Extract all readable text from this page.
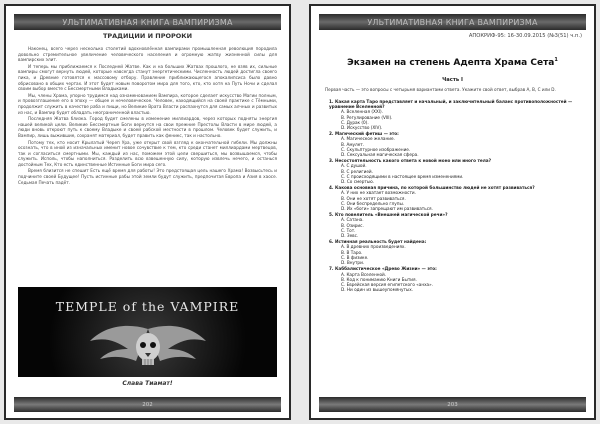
УЛЬТИМАТИВНАЯ КНИГА ВАМПИРИЗМА
ТРАДИЦИИ И ПРОРОКИ

Наконец, всего через несколько столетий вдохновлённая вампирами промышленная революция породила довольно стремительное увеличение человеческого населения и огромную жатву жизненной силы для вампирских элит.

И теперь мы приближаемся к Последней Жатве. Как и на больших Жатвах прошлого, не взяв их, сильные вампиры смогут вернуть людей, которые навсегда станут энергетическими. Численность людей достигла своего пика, и Древние готовятся к массовому отбору. Правление приближающегося апокалипсиса было давно обрисовано в общих чертах. И этот будет новым поворотом мира для того, кто, кто хотя на Путь Ночи и сделал своим выбор вместе с Бессмертными Владыками.

Мы, члены Храма, упорно трудимся над ознаменованием Вампира, которое сделает искусство Магии полным, и провозглашение его в эпоху — общее и нечеловеческое. Человек, находящийся на своей практике с Тёмными, продолжит служить в качестве раба и пищи, но Великие Врата Власти распахнутся для самых алчных и развитых из нас, и Вампир будет обладать неограниченной властью.

Последняя Жатва близка. Город будет смелены в изменение миллиардов, через которых подняты энергия нашей великой цели. Великие Бессмертные Боги вернутся на свои прежние Престолы Власти в мире людей, а люди вновь откроют путь к своему Владыке и своей рабской местности в прошлом. Человек будет служить, и Вампир, лишь выжившие, сохранят материал, будет править как феникс, так и настольно.

Потому тех, кто носит Крылатый Череп Ура, уже открыт свой взгляд к окончательной гибели. Мы должны осознать, что в иной из изначальных именит новое сочувствие к тем, кто среди станет миллиардами мертвецов, так и согласиться смертными. Мы, каждый из нас, поможем этой цели свершиться, мы возвышаемся, чтобы служить. Исполь, чтобы наполниться. Разделить всю взвешенную силу, которую извлечь нечего, и останься достойным Тех, Кто есть единственные Истинные Боги мира сего.

Время близится не спешит Есть ещё время для работы! Это предстоящая цель нашего Храма! Возвысьтесь и подчините своей Будущее! Пусть истинные рабы этой земли будут служить, предпочитая Европа и Азия в хаосе. Седьмая Печать падёт.

TEMPLE of the VAMPIRE
Слава Тиамат!
202
УЛЬТИМАТИВНАЯ КНИГА ВАМПИРИЗМА
АПОКРИФ-95: 16-30.09.2015 (№3(51) ч.п.)
Экзамен на степень Адепта Храма Сета$^1$
Часть I
Первая часть — это вопросы с четырьмя вариантами ответа. Укажите свой ответ, выбрав A, B, C или D.
1. Какая карта Таро представляет и начальный, и заключительный баланс противоположностей — уравнение Вселенной?
A. Вселенная (XXI).
B. Регулирование (VIII).
C. Дурак (0).
D. Искусство (XIV).
2. Магический фетиш — это:
A. Магическое желание.
B. Амулет.
C. Скульптурное изображение.
D. Сексуальная магическая сфера.
3. Несостоятельность какого ответа к новой моно или иного тела?
A. С душой.
B. С религией.
C. С происходящими в настоящее время изменениями.
D. Со смертью.
4. Какова основная причина, по которой большинство людей не хотят развиваться?
A. У них не хватает возможности.
B. Они не хотят развиваться.
C. Они беспредельно глупы.
D. Их «боги» запрещают им развиваться.
5. Кто повелитель «Внешней магической речи»?
A. Сатана.
B. Озирис.
C. Тот.
D. Зевс.
6. Истинная реальность будет найдена:
A. В древних произведениях.
B. В Таро.
C. В физике.
D. Внутри.
7. Каббалистическое «Древо Жизни» — это:
A. Карта Вселенной.
B. Код к пониманию Книги Бытия.
C. Еврейская версия египетского «анха».
D. Ни один из вышеупомянутых.
203
